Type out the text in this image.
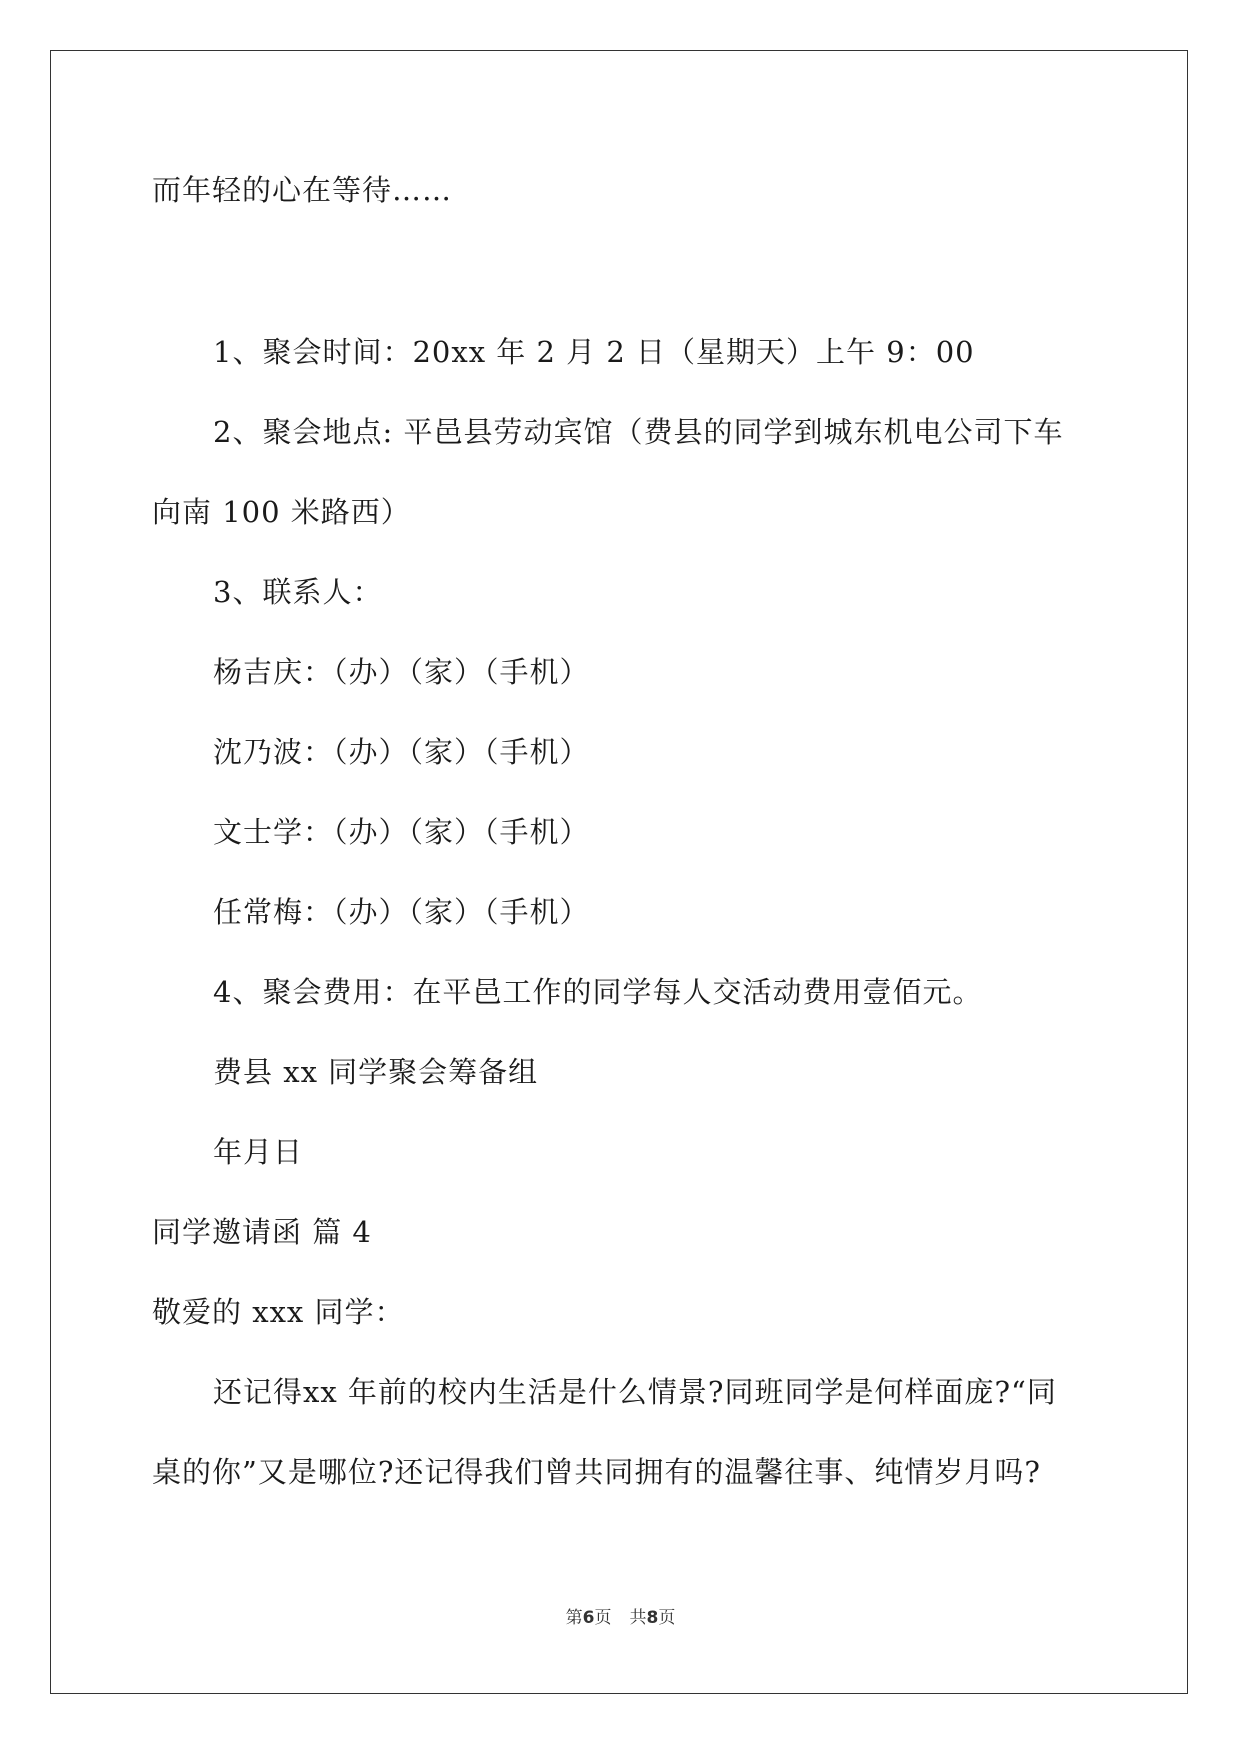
而年轻的心在等待……

1、聚会时间：20xx 年 2 月 2 日（星期天）上午 9：00

2、聚会地点: 平邑县劳动宾馆（费县的同学到城东机电公司下车

向南 100 米路西）

3、联系人：

杨吉庆：（办）（家）（手机）

沈乃波：（办）（家）（手机）

文士学：（办）（家）（手机）

任常梅：（办）（家）（手机）

4、聚会费用：在平邑工作的同学每人交活动费用壹佰元。

费县 xx 同学聚会筹备组

年月日

同学邀请函 篇 4

敬爱的 xxx 同学：

还记得xx 年前的校内生活是什么情景?同班同学是何样面庞?“同

桌的你”又是哪位?还记得我们曾共同拥有的温馨往事、纯情岁月吗?

第6页 共8页
